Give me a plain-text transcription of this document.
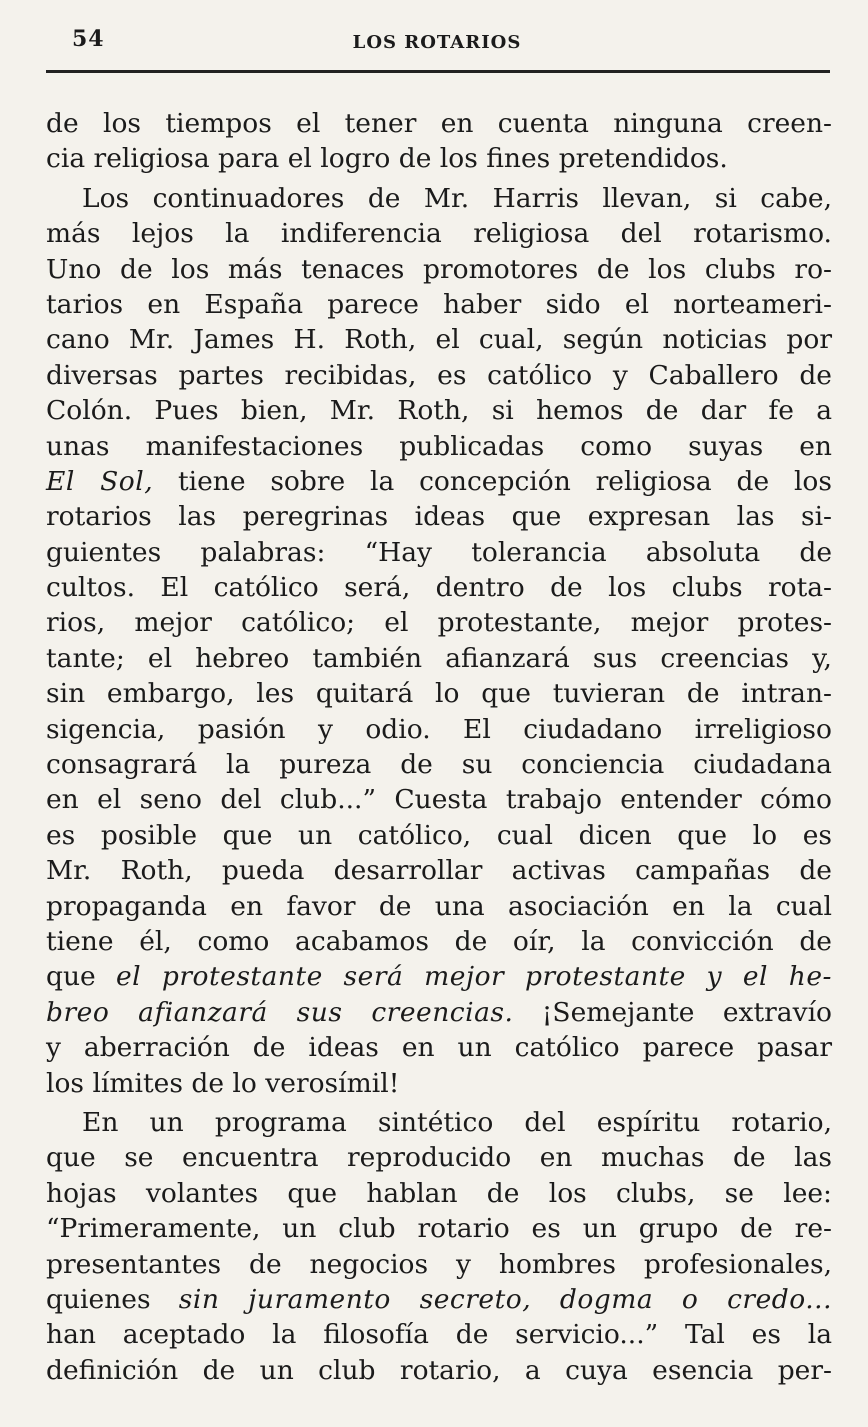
54	LOS ROTARIOS
de los tiempos el tener en cuenta ninguna creen-
cia religiosa para el logro de los fines pretendidos.
Los continuadores de Mr. Harris llevan, si cabe,
más lejos la indiferencia religiosa del rotarismo.
Uno de los más tenaces promotores de los clubs ro-
tarios en España parece haber sido el norteameri-
cano Mr. James H. Roth, el cual, según noticias por
diversas partes recibidas, es católico y Caballero de
Colón. Pues bien, Mr. Roth, si hemos de dar fe a
unas manifestaciones publicadas como suyas en
El Sol, tiene sobre la concepción religiosa de los
rotarios las peregrinas ideas que expresan las si-
guientes palabras: “Hay tolerancia absoluta de
cultos. El católico será, dentro de los clubs rota-
rios, mejor católico; el protestante, mejor protes-
tante; el hebreo también afianzará sus creencias y,
sin embargo, les quitará lo que tuvieran de intran-
sigencia, pasión y odio. El ciudadano irreligioso
consagrará la pureza de su conciencia ciudadana
en el seno del club...” Cuesta trabajo entender cómo
es posible que un católico, cual dicen que lo es
Mr. Roth, pueda desarrollar activas campañas de
propaganda en favor de una asociación en la cual
tiene él, como acabamos de oír, la convicción de
que el protestante será mejor protestante y el he-
breo afianzará sus creencias. ¡Semejante extravío
y aberración de ideas en un católico parece pasar
los límites de lo verosímil!
En un programa sintético del espíritu rotario,
que se encuentra reproducido en muchas de las
hojas volantes que hablan de los clubs, se lee:
“Primeramente, un club rotario es un grupo de re-
presentantes de negocios y hombres profesionales,
quienes sin juramento secreto, dogma o credo...
han aceptado la filosofía de servicio...” Tal es la
definición de un club rotario, a cuya esencia per-
